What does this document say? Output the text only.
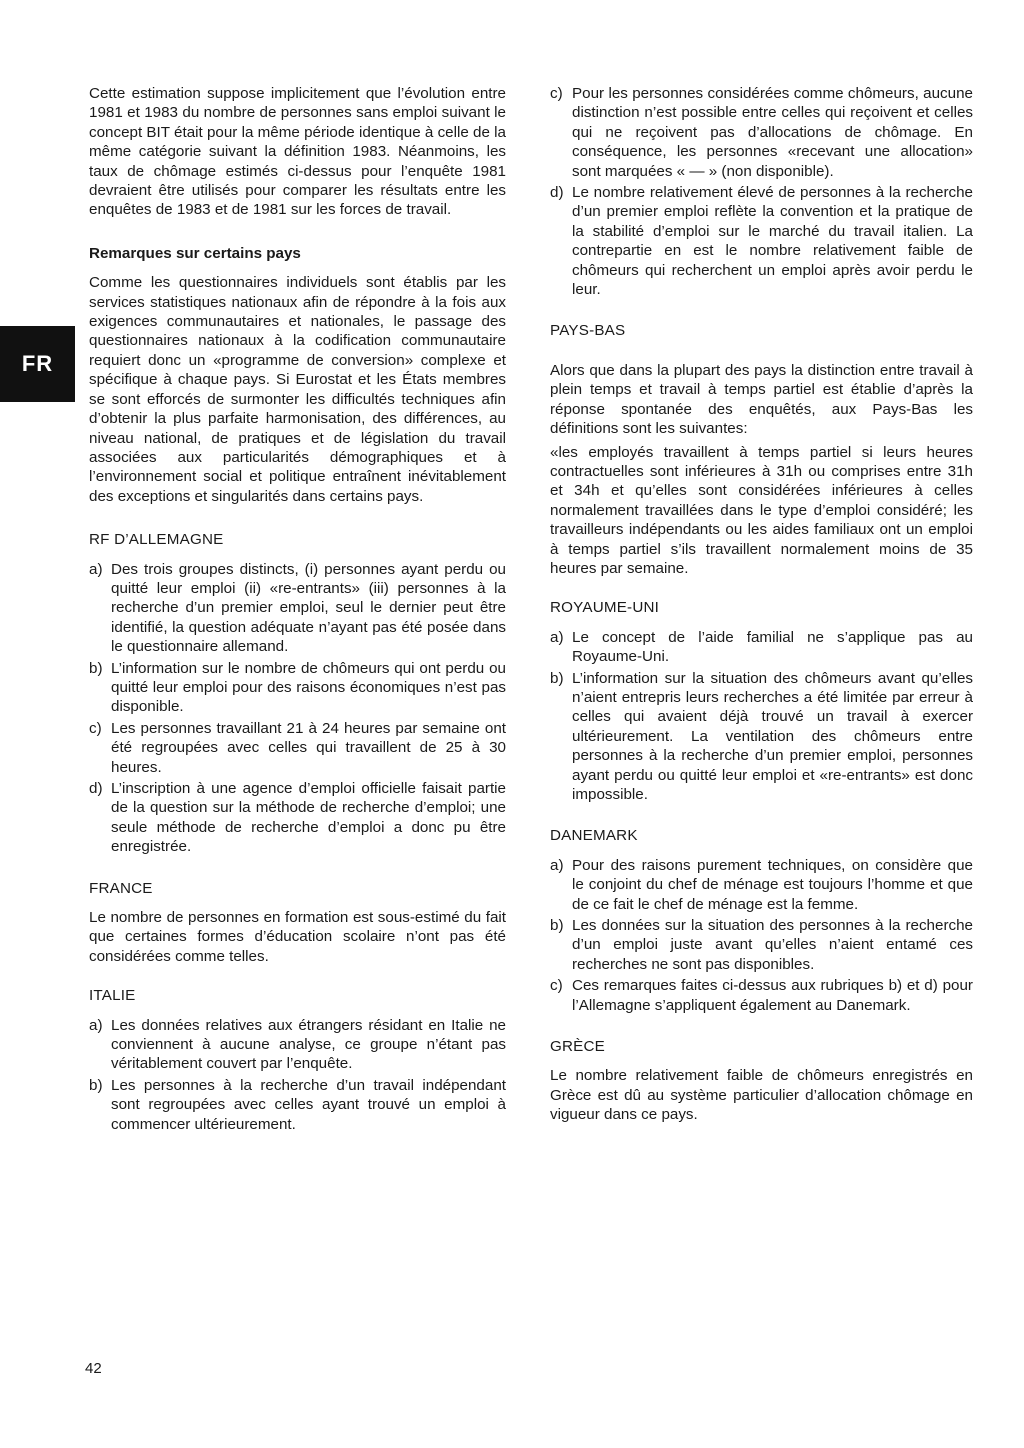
FR

Cette estimation suppose implicitement que l’évolution entre 1981 et 1983 du nombre de personnes sans emploi suivant le concept BIT était pour la même période identique à celle de la même catégorie suivant la définition 1983. Néanmoins, les taux de chômage estimés ci-dessus pour l’enquête 1981 devraient être utilisés pour comparer les résultats entre les enquêtes de 1983 et de 1981 sur les forces de travail.

Remarques sur certains pays

Comme les questionnaires individuels sont établis par les services statistiques nationaux afin de répondre à la fois aux exigences communautaires et nationales, le passage des questionnaires nationaux à la codification communautaire requiert donc un «programme de conversion» complexe et spécifique à chaque pays. Si Eurostat et les États membres se sont efforcés de surmonter les difficultés techniques afin d’obtenir la plus parfaite harmonisation, des différences, au niveau national, de pratiques et de législation du travail associées aux particularités démographiques et à l’environnement social et politique entraînent inévitablement des exceptions et singularités dans certains pays.

RF D’ALLEMAGNE

a) Des trois groupes distincts, (i) personnes ayant perdu ou quitté leur emploi (ii) «re-entrants» (iii) personnes à la recherche d’un premier emploi, seul le dernier peut être identifié, la question adéquate n’ayant pas été posée dans le questionnaire allemand.
b) L’information sur le nombre de chômeurs qui ont perdu ou quitté leur emploi pour des raisons économiques n’est pas disponible.
c) Les personnes travaillant 21 à 24 heures par semaine ont été regroupées avec celles qui travaillent de 25 à 30 heures.
d) L’inscription à une agence d’emploi officielle faisait partie de la question sur la méthode de recherche d’emploi; une seule méthode de recherche d’emploi a donc pu être enregistrée.

FRANCE

Le nombre de personnes en formation est sous-estimé du fait que certaines formes d’éducation scolaire n’ont pas été considérées comme telles.

ITALIE

a) Les données relatives aux étrangers résidant en Italie ne conviennent à aucune analyse, ce groupe n’étant pas véritablement couvert par l’enquête.
b) Les personnes à la recherche d’un travail indépendant sont regroupées avec celles ayant trouvé un emploi à commencer ultérieurement.
c) Pour les personnes considérées comme chômeurs, aucune distinction n’est possible entre celles qui reçoivent et celles qui ne reçoivent pas d’allocations de chômage. En conséquence, les personnes «recevant une allocation» sont marquées « — » (non disponible).
d) Le nombre relativement élevé de personnes à la recherche d’un premier emploi reflète la convention et la pratique de la stabilité d’emploi sur le marché du travail italien. La contrepartie en est le nombre relativement faible de chômeurs qui recherchent un emploi après avoir perdu le leur.

PAYS-BAS

Alors que dans la plupart des pays la distinction entre travail à plein temps et travail à temps partiel est établie d’après la réponse spontanée des enquêtés, aux Pays-Bas les définitions sont les suivantes:

«les employés travaillent à temps partiel si leurs heures contractuelles sont inférieures à 31h ou comprises entre 31h et 34h et qu’elles sont considérées inférieures à celles normalement travaillées dans le type d’emploi considéré; les travailleurs indépendants ou les aides familiaux ont un emploi à temps partiel s’ils travaillent normalement moins de 35 heures par semaine.

ROYAUME-UNI

a) Le concept de l’aide familial ne s’applique pas au Royaume-Uni.
b) L’information sur la situation des chômeurs avant qu’elles n’aient entrepris leurs recherches a été limitée par erreur à celles qui avaient déjà trouvé un travail à exercer ultérieurement. La ventilation des chômeurs entre personnes à la recherche d’un premier emploi, personnes ayant perdu ou quitté leur emploi et «re-entrants» est donc impossible.

DANEMARK

a) Pour des raisons purement techniques, on considère que le conjoint du chef de ménage est toujours l’homme et que de ce fait le chef de ménage est la femme.
b) Les données sur la situation des personnes à la recherche d’un emploi juste avant qu’elles n’aient entamé ces recherches ne sont pas disponibles.
c) Ces remarques faites ci-dessus aux rubriques b) et d) pour l’Allemagne s’appliquent également au Danemark.

GRÈCE

Le nombre relativement faible de chômeurs enregistrés en Grèce est dû au système particulier d’allocation chômage en vigueur dans ce pays.

42
